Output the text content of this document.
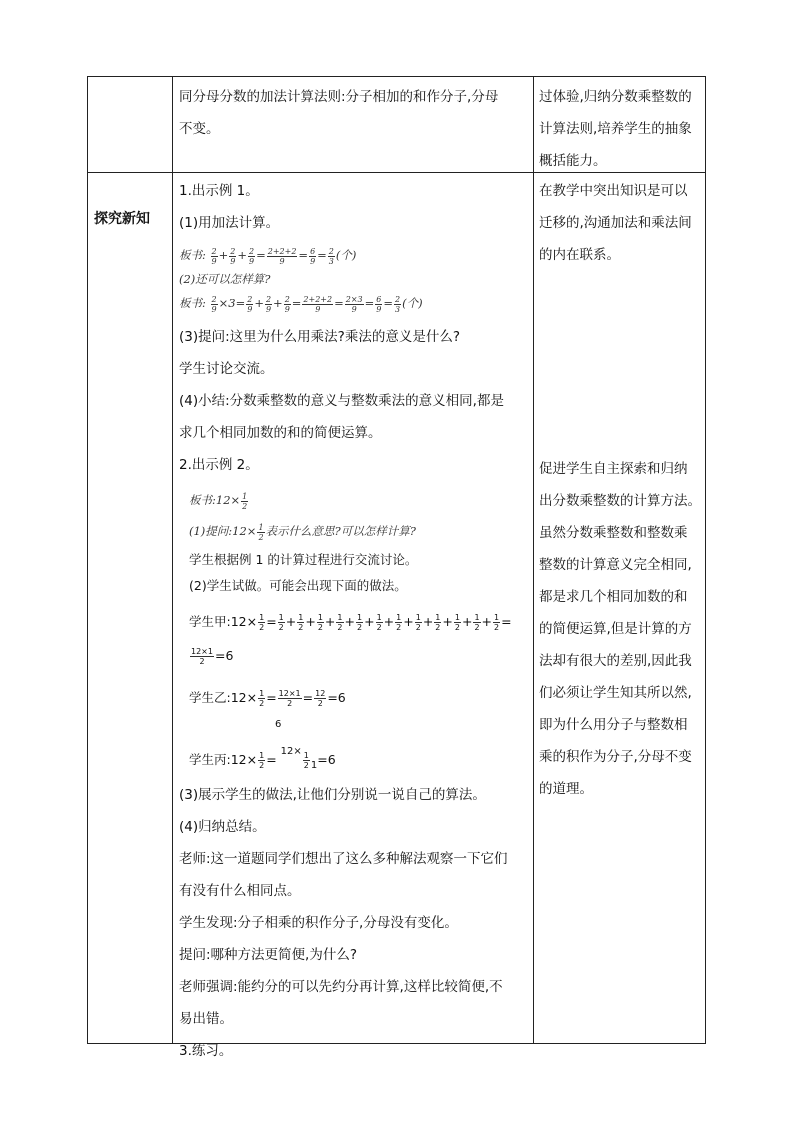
探究新知

同分母分数的加法计算法则:分子相加的和作分子,分母

不变。

过体验,归纳分数乘整数的

计算法则,培养学生的抽象

概括能力。

1.出示例 1。

(1)用加法计算。

板书: $\frac{2}{9} + \frac{2}{9} + \frac{2}{9} = \frac{2+2+2}{9} = \frac{6}{9} = \frac{2}{3}$ (个)
(2)还可以怎样算?
板书: $\frac{2}{9} \times 3= \frac{2}{9} + \frac{2}{9} + \frac{2}{9} = \frac{2+2+2}{9} = \frac{2\times 3}{9} = \frac{6}{9} = \frac{2}{3}$ (个)

(3)提问:这里为什么用乘法?乘法的意义是什么?

学生讨论交流。

(4)小结:分数乘整数的意义与整数乘法的意义相同,都是

求几个相同加数的和的简便运算。

2.出示例 2。

板书:12× $\frac{1}{2}$
(1)提问:12× $\frac{1}{2}$ 表示什么意思?可以怎样计算?
学生根据例 1 的计算过程进行交流讨论。
(2)学生试做。可能会出现下面的做法。
学生甲:12× $\frac{1}{2} = \frac{1}{2} + \frac{1}{2} + \frac{1}{2} + \frac{1}{2} + \frac{1}{2} + \frac{1}{2} + \frac{1}{2} + \frac{1}{2} + \frac{1}{2} + \frac{1}{2} + \frac{1}{2} + \frac{1}{2}$ =
$\frac{12\times 1}{2} =6$
学生乙:12× $\frac{1}{2} = \frac{12\times 1}{2} = \frac{12}{2} =6$
6
学生丙:12× $\frac{1}{2} = 12\times \frac{1}{2} 1=6$

(3)展示学生的做法,让他们分别说一说自己的算法。

(4)归纳总结。

老师:这一道题同学们想出了这么多种解法观察一下它们

有没有什么相同点。

学生发现:分子相乘的积作分子,分母没有变化。

提问:哪种方法更简便,为什么?

老师强调:能约分的可以先约分再计算,这样比较简便,不

易出错。

3.练习。

在教学中突出知识是可以

迁移的,沟通加法和乘法间

的内在联系。

促进学生自主探索和归纳

出分数乘整数的计算方法。

虽然分数乘整数和整数乘

整数的计算意义完全相同,

都是求几个相同加数的和

的简便运算,但是计算的方

法却有很大的差别,因此我

们必须让学生知其所以然,

即为什么用分子与整数相

乘的积作为分子,分母不变

的道理。
